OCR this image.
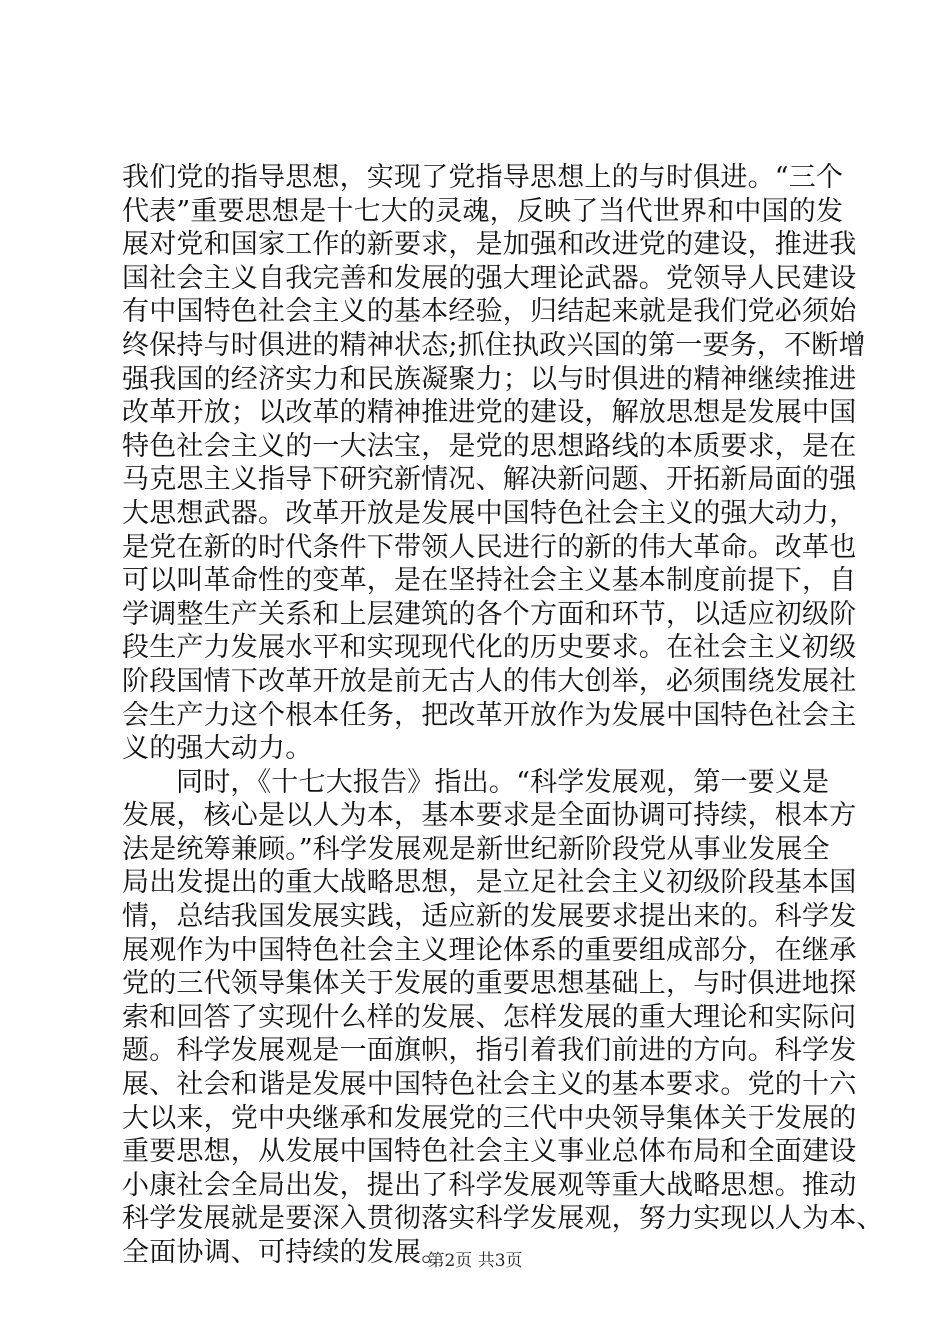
我们党的指导思想，实现了党指导思想上的与时俱进。“三个
代表”重要思想是十七大的灵魂，反映了当代世界和中国的发
展对党和国家工作的新要求，是加强和改进党的建设，推进我
国社会主义自我完善和发展的强大理论武器。党领导人民建设
有中国特色社会主义的基本经验，归结起来就是我们党必须始
终保持与时俱进的精神状态;抓住执政兴国的第一要务，不断增
强我国的经济实力和民族凝聚力；以与时俱进的精神继续推进
改革开放；以改革的精神推进党的建设，解放思想是发展中国
特色社会主义的一大法宝，是党的思想路线的本质要求，是在
马克思主义指导下研究新情况、解决新问题、开拓新局面的强
大思想武器。改革开放是发展中国特色社会主义的强大动力，
是党在新的时代条件下带领人民进行的新的伟大革命。改革也
可以叫革命性的变革，是在坚持社会主义基本制度前提下，自
学调整生产关系和上层建筑的各个方面和环节，以适应初级阶
段生产力发展水平和实现现代化的历史要求。在社会主义初级
阶段国情下改革开放是前无古人的伟大创举，必须围绕发展社
会生产力这个根本任务，把改革开放作为发展中国特色社会主
义的强大动力。
同时，《十七大报告》指出。“科学发展观，第一要义是
发展，核心是以人为本，基本要求是全面协调可持续，根本方
法是统筹兼顾。”科学发展观是新世纪新阶段党从事业发展全
局出发提出的重大战略思想，是立足社会主义初级阶段基本国
情，总结我国发展实践，适应新的发展要求提出来的。科学发
展观作为中国特色社会主义理论体系的重要组成部分，在继承
党的三代领导集体关于发展的重要思想基础上，与时俱进地探
索和回答了实现什么样的发展、怎样发展的重大理论和实际问
题。科学发展观是一面旗帜，指引着我们前进的方向。科学发
展、社会和谐是发展中国特色社会主义的基本要求。党的十六
大以来，党中央继承和发展党的三代中央领导集体关于发展的
重要思想，从发展中国特色社会主义事业总体布局和全面建设
小康社会全局出发，提出了科学发展观等重大战略思想。推动
科学发展就是要深入贯彻落实科学发展观，努力实现以人为本、
全面协调、可持续的发展。
第2页 共3页
